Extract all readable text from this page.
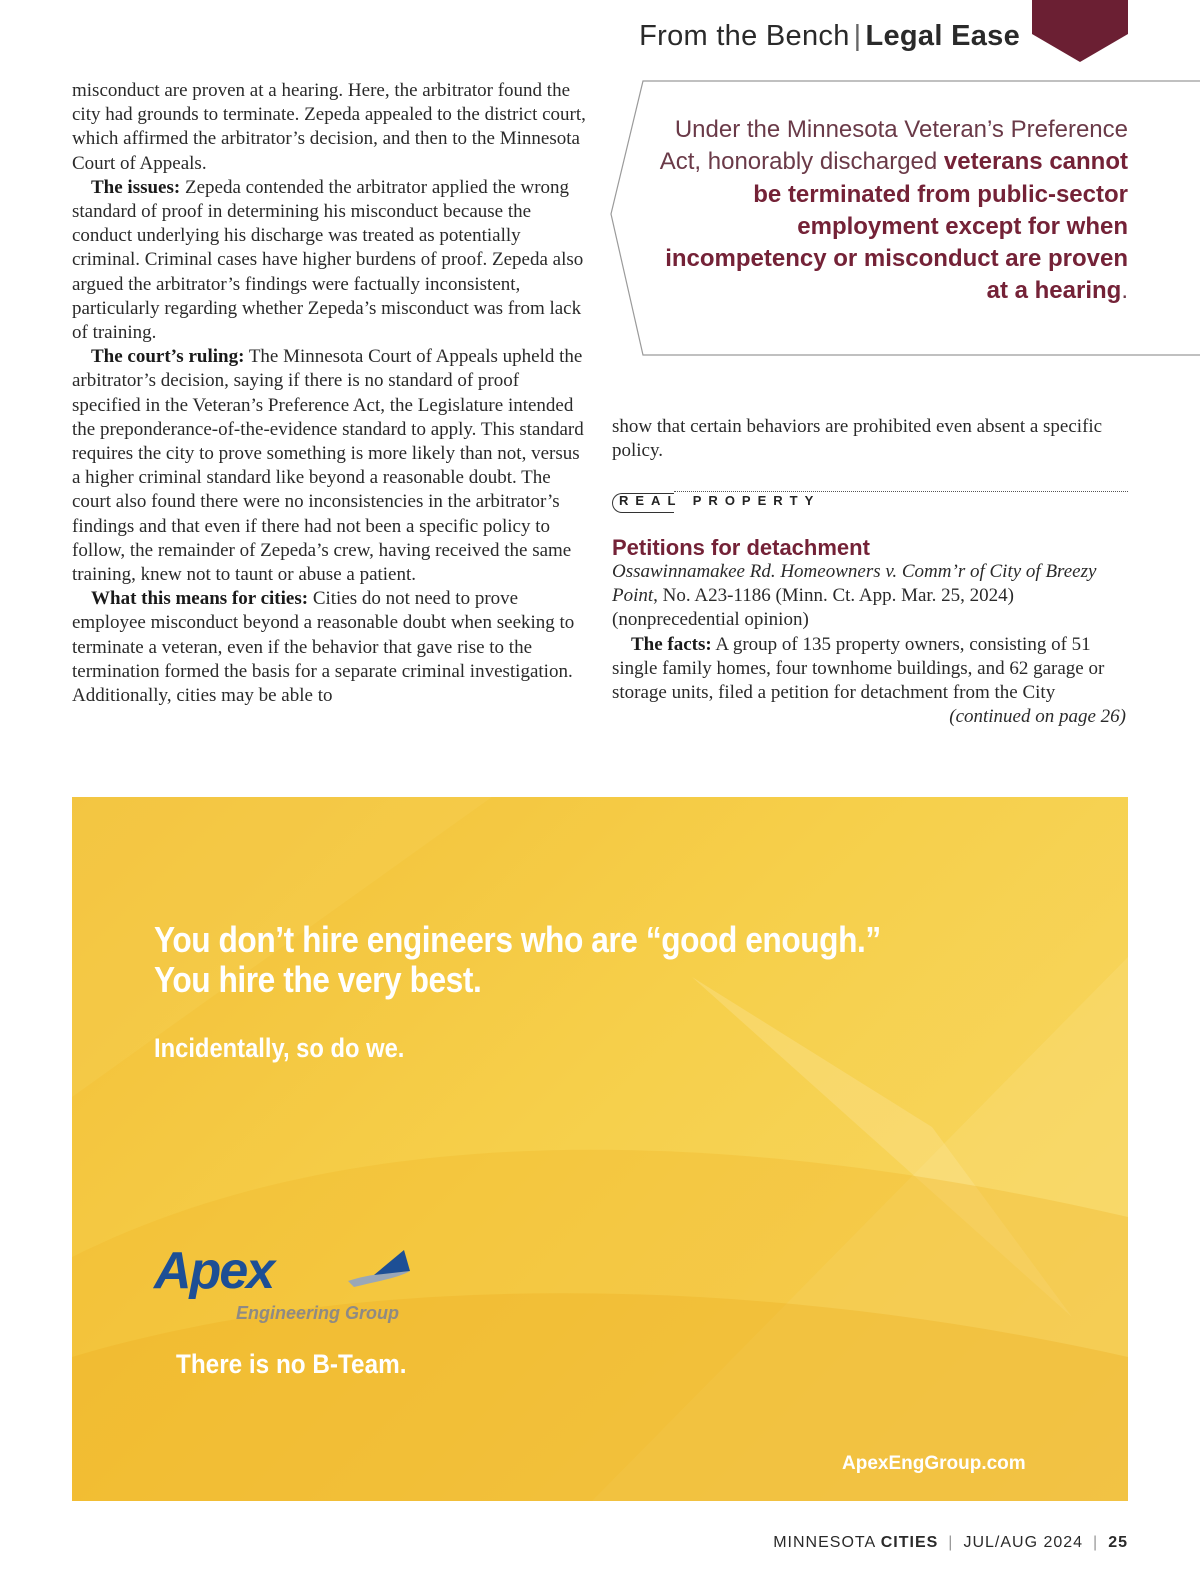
From the Bench | Legal Ease

misconduct are proven at a hearing. Here, the arbitrator found the city had grounds to terminate. Zepeda appealed to the district court, which affirmed the arbitrator’s decision, and then to the Minnesota Court of Appeals.

The issues: Zepeda contended the arbitrator applied the wrong standard of proof in determining his misconduct because the conduct underlying his discharge was treated as potentially criminal. Criminal cases have higher burdens of proof. Zepeda also argued the arbitrator’s findings were factually inconsistent, particularly regarding whether Zepeda’s misconduct was from lack of training.

The court’s ruling: The Minnesota Court of Appeals upheld the arbitrator’s decision, saying if there is no standard of proof specified in the Veteran’s Preference Act, the Legislature intended the preponderance-of-the-evidence standard to apply. This standard requires the city to prove something is more likely than not, versus a higher criminal standard like beyond a reasonable doubt. The court also found there were no inconsistencies in the arbitrator’s findings and that even if there had not been a specific policy to follow, the remainder of Zepeda’s crew, having received the same training, knew not to taunt or abuse a patient.

What this means for cities: Cities do not need to prove employee misconduct beyond a reasonable doubt when seeking to terminate a veteran, even if the behavior that gave rise to the termination formed the basis for a separate criminal investigation. Additionally, cities may be able to

Under the Minnesota Veteran’s Preference Act, honorably discharged veterans cannot be terminated from public-sector employment except for when incompetency or misconduct are proven at a hearing.

show that certain behaviors are prohibited even absent a specific policy.

REAL PROPERTY
Petitions for detachment

Ossawinnamakee Rd. Homeowners v. Comm’r of City of Breezy Point, No. A23-1186 (Minn. Ct. App. Mar. 25, 2024) (nonprecedential opinion)

The facts: A group of 135 property owners, consisting of 51 single family homes, four townhome buildings, and 62 garage or storage units, filed a petition for detachment from the City

(continued on page 26)

You don’t hire engineers who are “good enough.”
You hire the very best.
Incidentally, so do we.
Apex
Engineering Group
There is no B-Team.
ApexEngGroup.com
MINNESOTA CITIES | JUL/AUG 2024 | 25
